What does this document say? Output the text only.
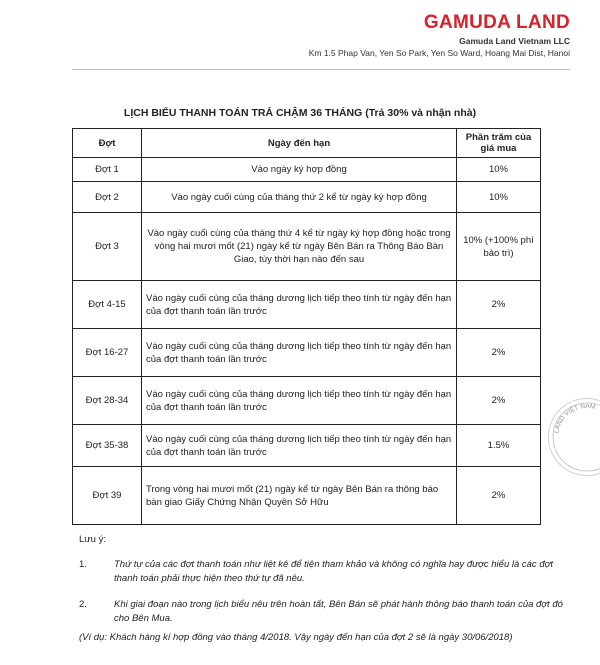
GAMUDA LAND
Gamuda Land Vietnam LLC
Km 1.5 Phap Van, Yen So Park, Yen So Ward, Hoang Mai Dist, Hanoi
LỊCH BIỂU THANH TOÁN TRẢ CHẬM 36 THÁNG (Trả 30% và nhận nhà)
Đợt	Ngày đến hạn	Phần trăm của giá mua
Đợt 1	Vào ngày ký hợp đồng	10%
Đợt 2	Vào ngày cuối cùng của tháng thứ 2 kể từ ngày ký hợp đồng	10%
Đợt 3	Vào ngày cuối cùng của tháng thứ 4 kể từ ngày ký hợp đồng hoặc trong vòng hai mươi mốt (21) ngày kể từ ngày Bên Bán ra Thông Báo Bàn Giao, tùy thời hạn nào đến sau	10% (+100% phí bảo trì)
Đợt 4-15	Vào ngày cuối cùng của tháng dương lịch tiếp theo tính từ ngày đến hạn của đợt thanh toán lần trước	2%
Đợt 16-27	Vào ngày cuối cùng của tháng dương lịch tiếp theo tính từ ngày đến hạn của đợt thanh toán lần trước	2%
Đợt 28-34	Vào ngày cuối cùng của tháng dương lịch tiếp theo tính từ ngày đến hạn của đợt thanh toán lần trước	2%
Đợt 35-38	Vào ngày cuối cùng của tháng dương lịch tiếp theo tính từ ngày đến hạn của đợt thanh toán lần trước	1.5%
Đợt 39	Trong vòng hai mươi mốt (21) ngày kể từ ngày Bên Bán ra thông báo bàn giao Giấy Chứng Nhận Quyền Sở Hữu	2%
Lưu ý:
1.	Thứ tự của các đợt thanh toán như liệt kê để tiện tham khảo và không có nghĩa hay được hiểu là các đợt thanh toán phải thực hiện theo thứ tự đã nêu.
2.	Khi giai đoạn nào trong lịch biểu nêu trên hoàn tất, Bên Bán sẽ phát hành thông báo thanh toán của đợt đó cho Bên Mua.
(Ví dụ: Khách hàng kí hợp đồng vào tháng 4/2018. Vậy ngày đến hạn của đợt 2 sẽ là ngày 30/06/2018)
LAND VIỆT NAM
